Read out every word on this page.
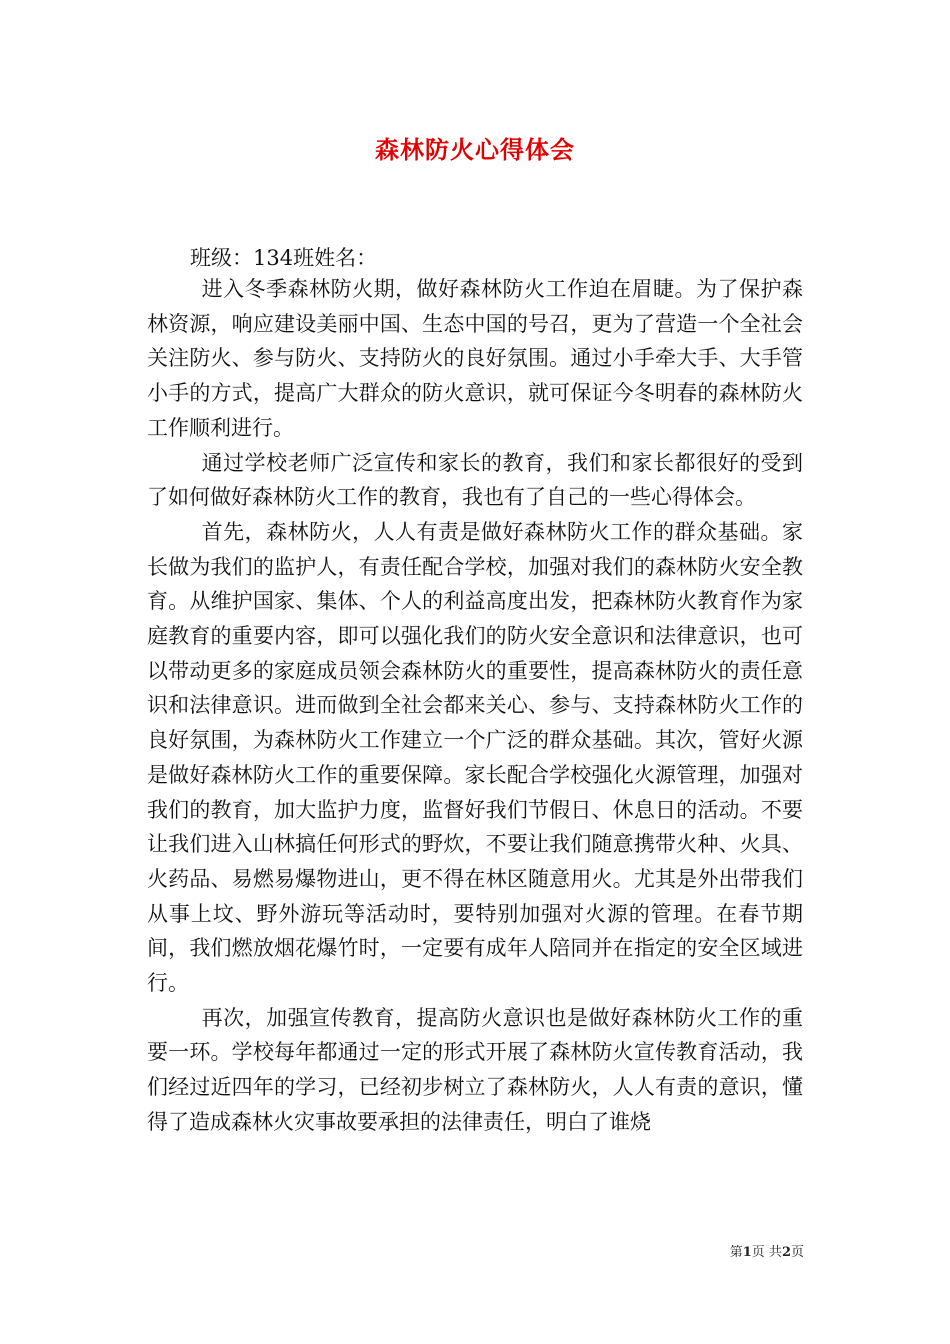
森林防火心得体会
班级：134班姓名：

进入冬季森林防火期，做好森林防火工作迫在眉睫。为了保护森林资源，响应建设美丽中国、生态中国的号召，更为了营造一个全社会关注防火、参与防火、支持防火的良好氛围。通过小手牵大手、大手管小手的方式，提高广大群众的防火意识，就可保证今冬明春的森林防火工作顺利进行。

通过学校老师广泛宣传和家长的教育，我们和家长都很好的受到了如何做好森林防火工作的教育，我也有了自己的一些心得体会。

首先，森林防火，人人有责是做好森林防火工作的群众基础。家长做为我们的监护人，有责任配合学校，加强对我们的森林防火安全教育。从维护国家、集体、个人的利益高度出发，把森林防火教育作为家庭教育的重要内容，即可以强化我们的防火安全意识和法律意识，也可以带动更多的家庭成员领会森林防火的重要性，提高森林防火的责任意识和法律意识。进而做到全社会都来关心、参与、支持森林防火工作的良好氛围，为森林防火工作建立一个广泛的群众基础。其次，管好火源是做好森林防火工作的重要保障。家长配合学校强化火源管理，加强对我们的教育，加大监护力度，监督好我们节假日、休息日的活动。不要让我们进入山林搞任何形式的野炊，不要让我们随意携带火种、火具、火药品、易燃易爆物进山，更不得在林区随意用火。尤其是外出带我们从事上坟、野外游玩等活动时，要特别加强对火源的管理。在春节期间，我们燃放烟花爆竹时，一定要有成年人陪同并在指定的安全区域进行。

再次，加强宣传教育，提高防火意识也是做好森林防火工作的重要一环。学校每年都通过一定的形式开展了森林防火宣传教育活动，我们经过近四年的学习，已经初步树立了森林防火，人人有责的意识，懂得了造成森林火灾事故要承担的法律责任，明白了谁烧

第1页 共2页
